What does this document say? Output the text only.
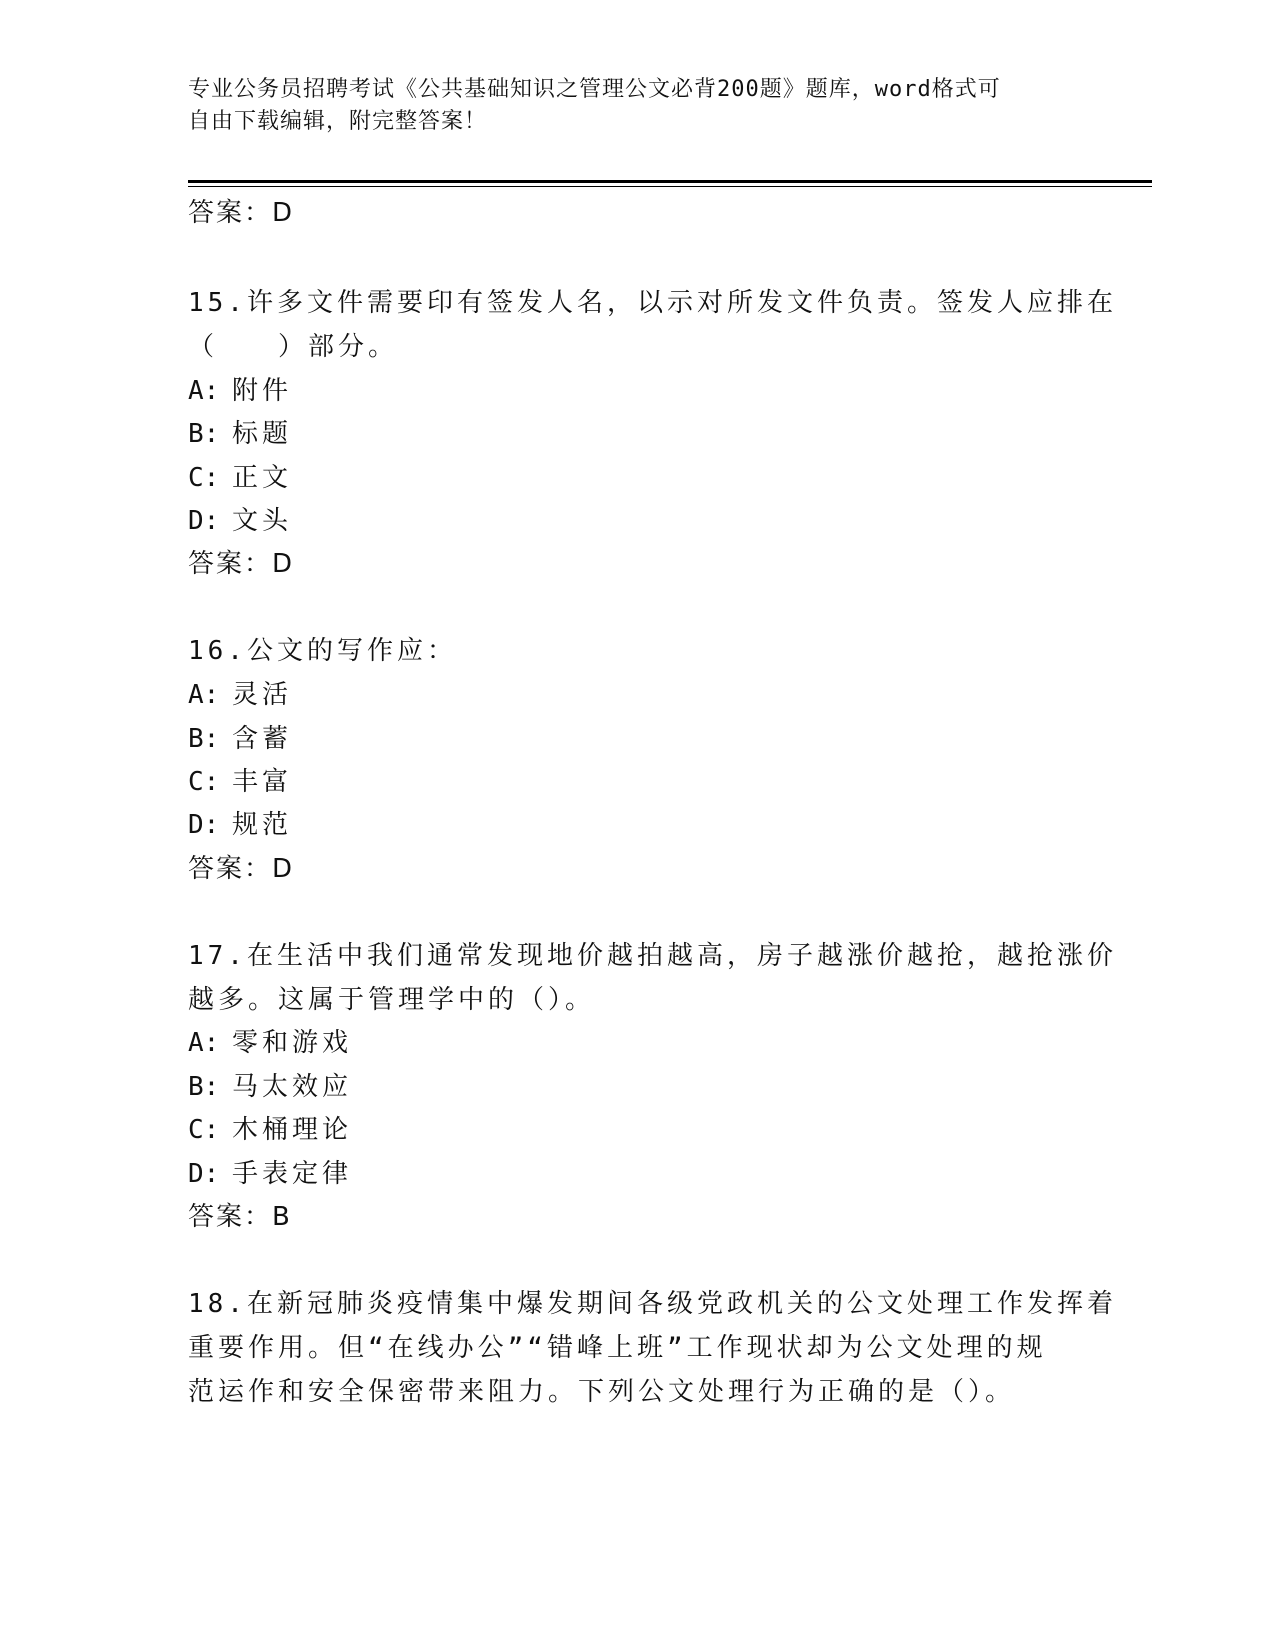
专业公务员招聘考试《公共基础知识之管理公文必背200题》题库，word格式可
自由下载编辑，附完整答案！
答案：D
15.许多文件需要印有签发人名，以示对所发文件负责。签发人应排在
（　　）部分。
A: 附件
B: 标题
C: 正文
D: 文头
答案：D
16.公文的写作应：
A: 灵活
B: 含蓄
C: 丰富
D: 规范
答案：D
17.在生活中我们通常发现地价越拍越高，房子越涨价越抢，越抢涨价
越多。这属于管理学中的（）。
A: 零和游戏
B: 马太效应
C: 木桶理论
D: 手表定律
答案：B
18.在新冠肺炎疫情集中爆发期间各级党政机关的公文处理工作发挥着
重要作用。但“在线办公”“错峰上班”工作现状却为公文处理的规
范运作和安全保密带来阻力。下列公文处理行为正确的是（）。
